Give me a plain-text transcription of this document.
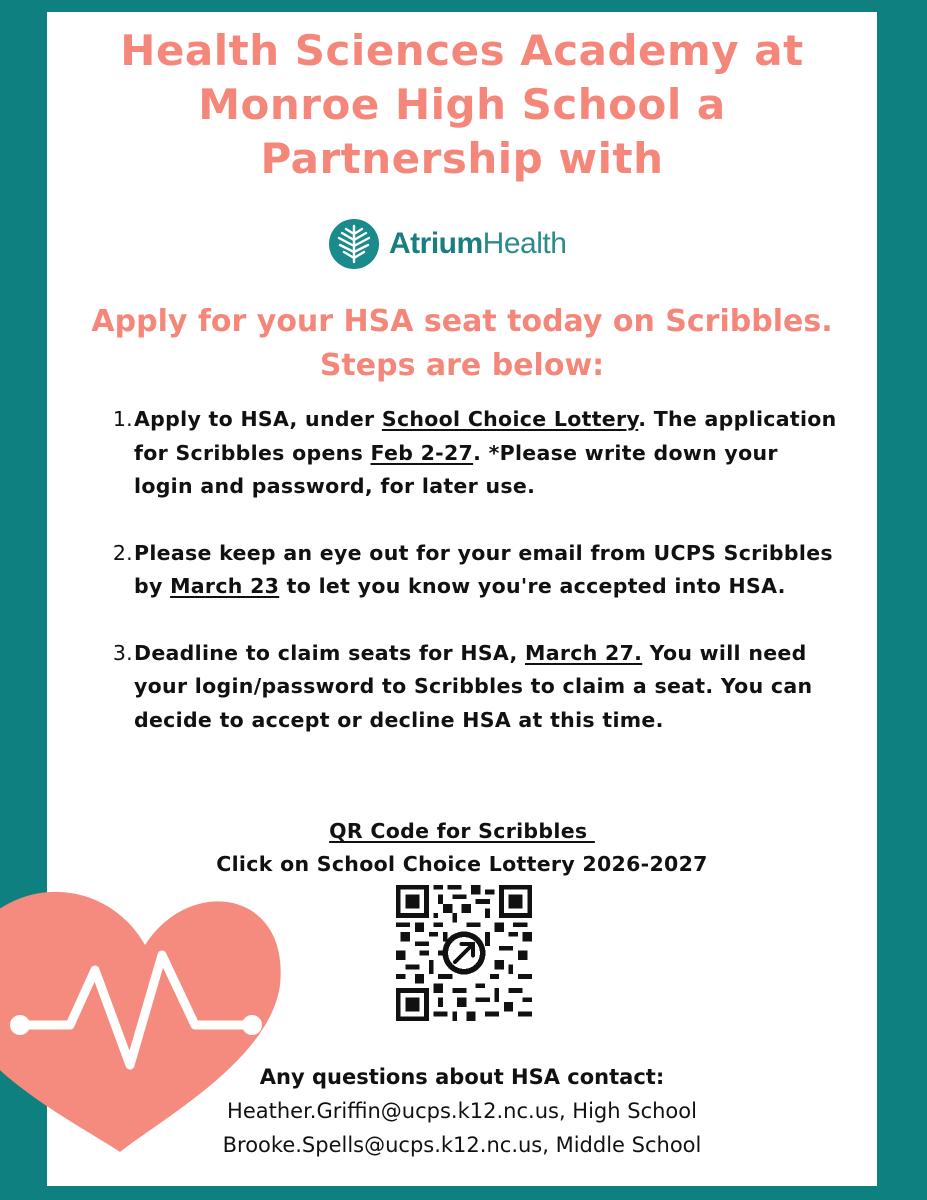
Health Sciences Academy at
Monroe High School a
Partnership with
AtriumHealth
Apply for your HSA seat today on Scribbles.
Steps are below:
1. Apply to HSA, under School Choice Lottery. The application for Scribbles opens Feb 2-27. *Please write down your login and password, for later use.
2. Please keep an eye out for your email from UCPS Scribbles by March 23 to let you know you're accepted into HSA.
3. Deadline to claim seats for HSA, March 27. You will need your login/password to Scribbles to claim a seat. You can decide to accept or decline HSA at this time.
QR Code for Scribbles
Click on School Choice Lottery 2026-2027
Any questions about HSA contact:
Heather.Griffin@ucps.k12.nc.us, High School
Brooke.Spells@ucps.k12.nc.us, Middle School
